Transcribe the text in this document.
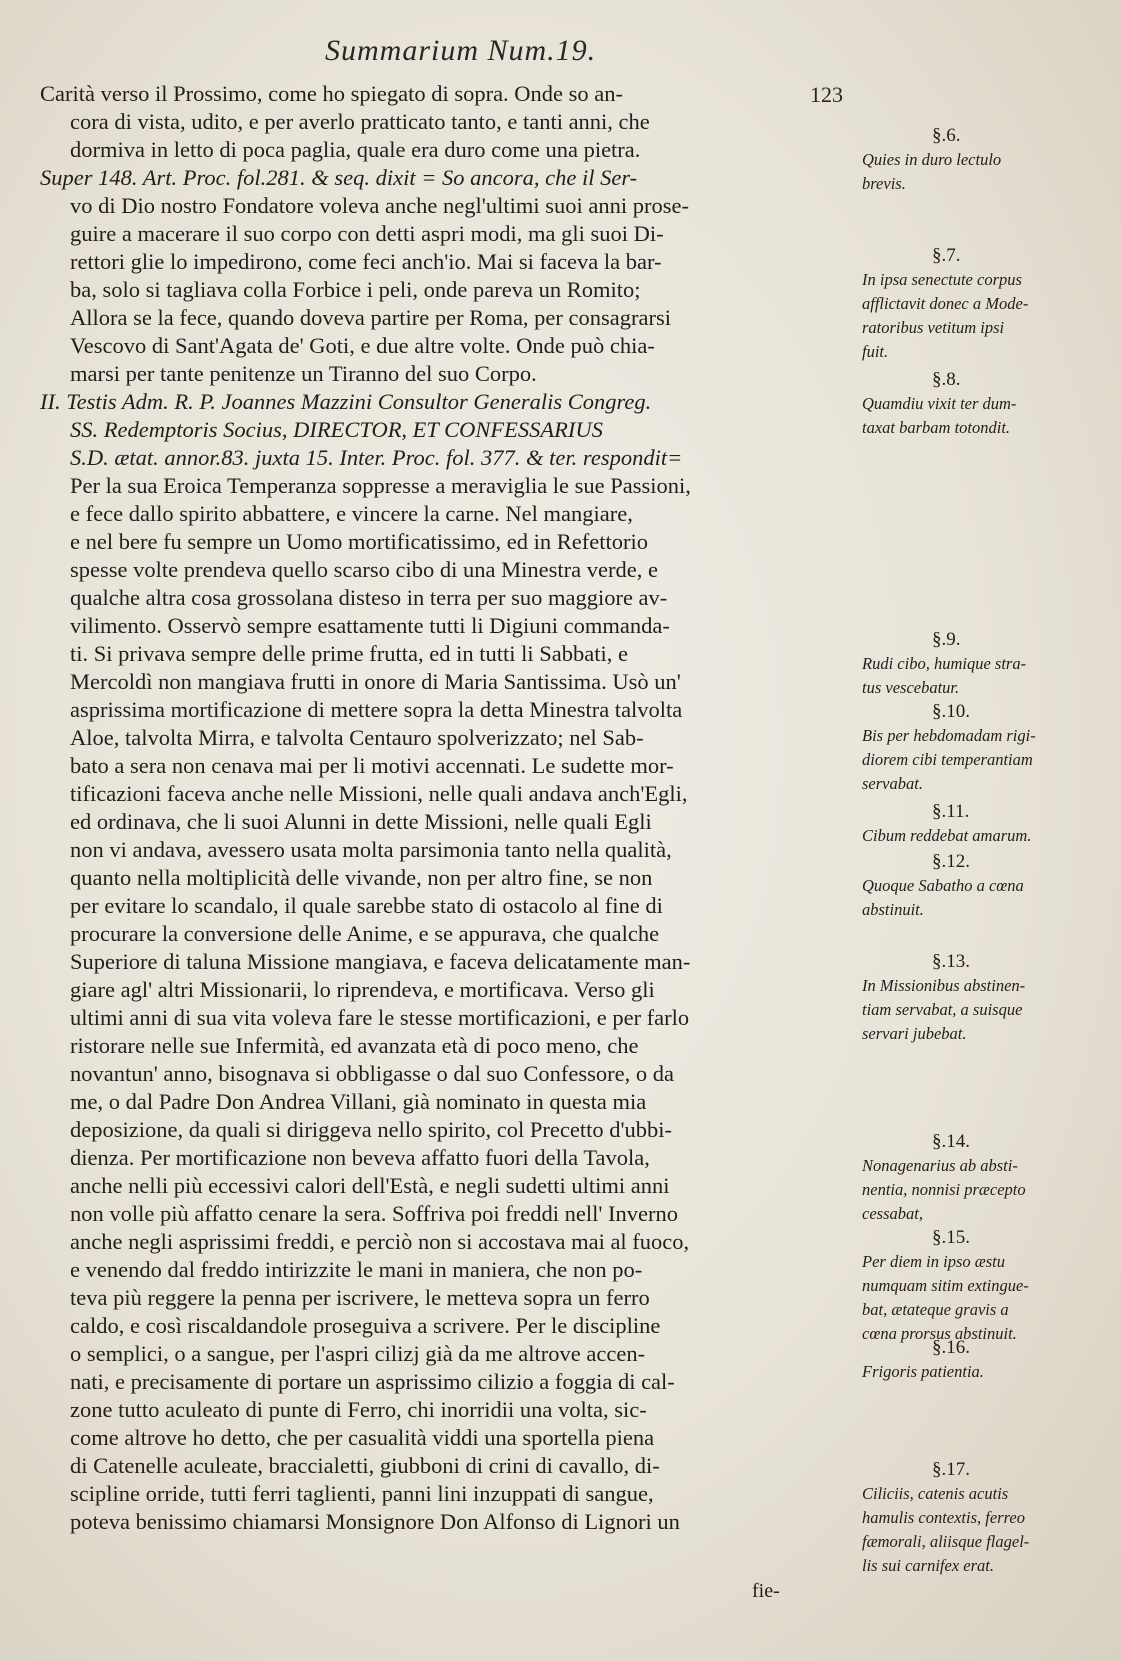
Summarium Num.19.
123
Carità verso il Prossimo, come ho spiegato di sopra. Onde so an-
cora di vista, udito, e per averlo pratticato tanto, e tanti anni, che
dormiva in letto di poca paglia, quale era duro come una pietra.
Super 148. Art. Proc. fol.281. & seq. dixit = So ancora, che il Ser-
vo di Dio nostro Fondatore voleva anche negl'ultimi suoi anni prose-
guire a macerare il suo corpo con detti aspri modi, ma gli suoi Di-
rettori glie lo impedirono, come feci anch'io. Mai si faceva la bar-
ba, solo si tagliava colla Forbice i peli, onde pareva un Romito;
Allora se la fece, quando doveva partire per Roma, per consagrarsi
Vescovo di Sant'Agata de' Goti, e due altre volte. Onde può chia-
marsi per tante penitenze un Tiranno del suo Corpo.
II. Testis Adm. R. P. Joannes Mazzini Consultor Generalis Congreg.
SS. Redemptoris Socius, DIRECTOR, ET CONFESSARIUS
S.D. ætat. annor.83. juxta 15. Inter. Proc. fol. 377. & ter. respondit=
Per la sua Eroica Temperanza soppresse a meraviglia le sue Passioni,
e fece dallo spirito abbattere, e vincere la carne. Nel mangiare,
e nel bere fu sempre un Uomo mortificatissimo, ed in Refettorio
spesse volte prendeva quello scarso cibo di una Minestra verde, e
qualche altra cosa grossolana disteso in terra per suo maggiore av-
vilimento. Osservò sempre esattamente tutti li Digiuni commanda-
ti. Si privava sempre delle prime frutta, ed in tutti li Sabbati, e
Mercoldì non mangiava frutti in onore di Maria Santissima. Usò un'
asprissima mortificazione di mettere sopra la detta Minestra talvolta
Aloe, talvolta Mirra, e talvolta Centauro spolverizzato; nel Sab-
bato a sera non cenava mai per li motivi accennati. Le sudette mor-
tificazioni faceva anche nelle Missioni, nelle quali andava anch'Egli,
ed ordinava, che li suoi Alunni in dette Missioni, nelle quali Egli
non vi andava, avessero usata molta parsimonia tanto nella qualità,
quanto nella moltiplicità delle vivande, non per altro fine, se non
per evitare lo scandalo, il quale sarebbe stato di ostacolo al fine di
procurare la conversione delle Anime, e se appurava, che qualche
Superiore di taluna Missione mangiava, e faceva delicatamente man-
giare agl' altri Missionarii, lo riprendeva, e mortificava. Verso gli
ultimi anni di sua vita voleva fare le stesse mortificazioni, e per farlo
ristorare nelle sue Infermità, ed avanzata età di poco meno, che
novantun' anno, bisognava si obbligasse o dal suo Confessore, o da
me, o dal Padre Don Andrea Villani, già nominato in questa mia
deposizione, da quali si diriggeva nello spirito, col Precetto d'ubbi-
dienza. Per mortificazione non beveva affatto fuori della Tavola,
anche nelli più eccessivi calori dell'Està, e negli sudetti ultimi anni
non volle più affatto cenare la sera. Soffriva poi freddi nell' Inverno
anche negli asprissimi freddi, e perciò non si accostava mai al fuoco,
e venendo dal freddo intirizzite le mani in maniera, che non po-
teva più reggere la penna per iscrivere, le metteva sopra un ferro
caldo, e così riscaldandole proseguiva a scrivere. Per le discipline
o semplici, o a sangue, per l'aspri cilizj già da me altrove accen-
nati, e precisamente di portare un asprissimo cilizio a foggia di cal-
zone tutto aculeato di punte di Ferro, chi inorridii una volta, sic-
come altrove ho detto, che per casualità viddi una sportella piena
di Catenelle aculeate, braccialetti, giubboni di crini di cavallo, di-
scipline orride, tutti ferri taglienti, panni lini inzuppati di sangue,
poteva benissimo chiamarsi Monsignore Don Alfonso di Lignori un
fie-
§.6.
Quies in duro lectulo
brevis.
§.7.
In ipsa senectute corpus
afflictavit donec a Mode-
ratoribus vetitum ipsi
fuit.
§.8.
Quamdiu vixit ter dum-
taxat barbam totondit.
§.9.
Rudi cibo, humique stra-
tus vescebatur.
§.10.
Bis per hebdomadam rigi-
diorem cibi temperantiam
servabat.
§.11.
Cibum reddebat amarum.
§.12.
Quoque Sabatho a cœna
abstinuit.
§.13.
In Missionibus abstinen-
tiam servabat, a suisque
servari jubebat.
§.14.
Nonagenarius ab absti-
nentia, nonnisi præcepto
cessabat,
§.15.
Per diem in ipso æstu
numquam sitim extingue-
bat, ætateque gravis a
cœna prorsus abstinuit.
§.16.
Frigoris patientia.
§.17.
Ciliciis, catenis acutis
hamulis contextis, ferreo
fæmorali, aliisque flagel-
lis sui carnifex erat.
